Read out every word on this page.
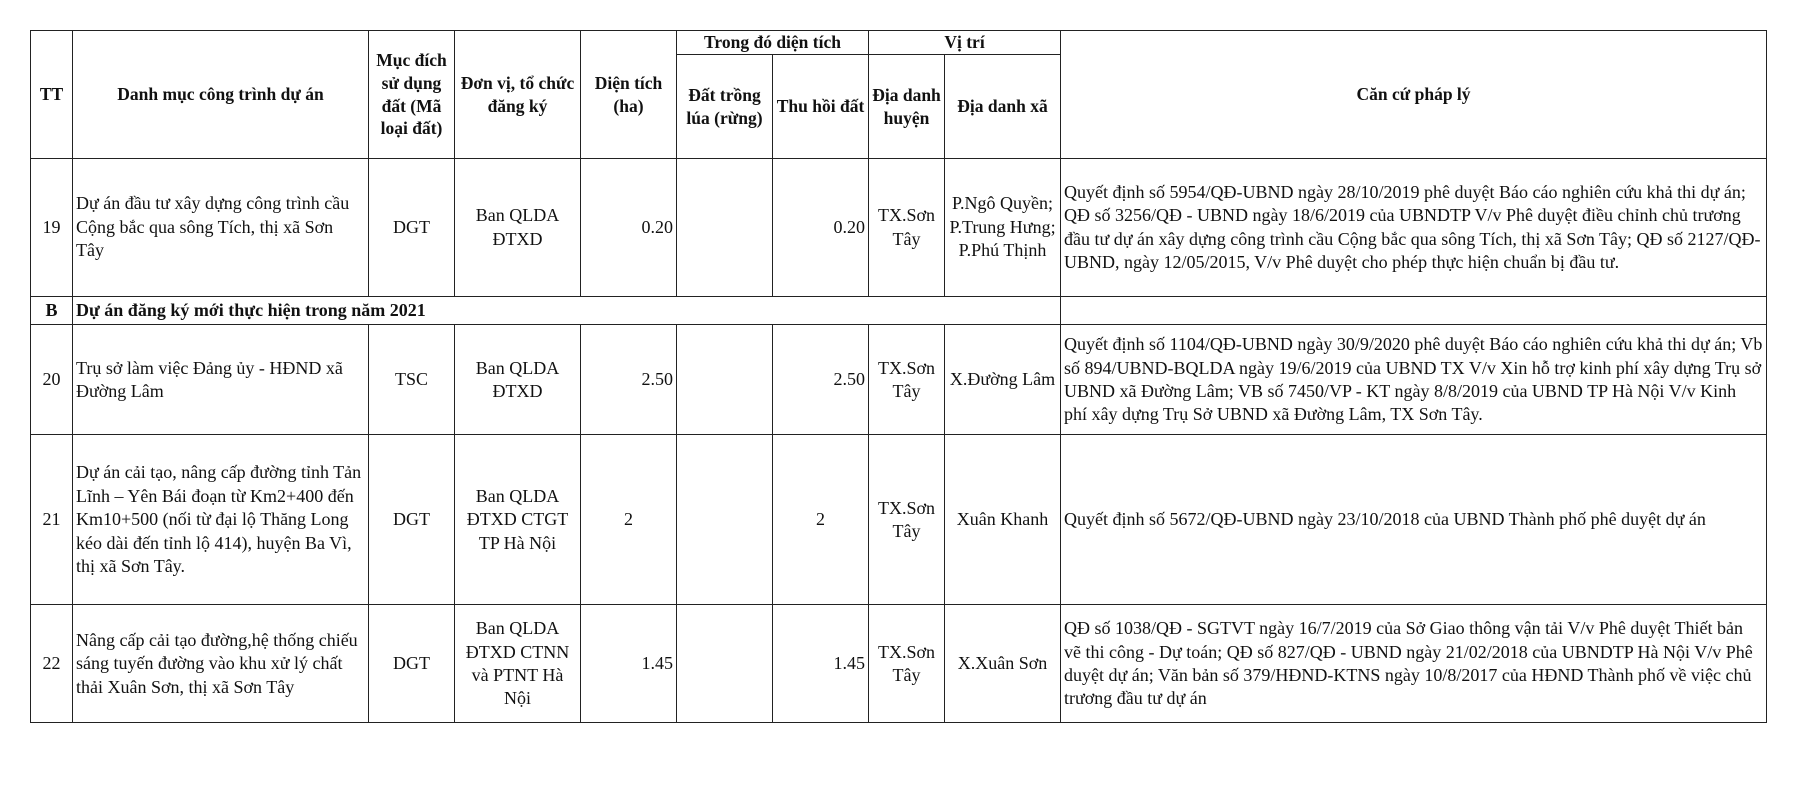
TT	Danh mục công trình dự án	Mục đích sử dụng đất (Mã loại đất)	Đơn vị, tổ chức đăng ký	Diện tích (ha)	Trong đó diện tích		Vị trí		Căn cứ pháp lý
					Đất trồng lúa (rừng)	Thu hồi đất	Địa danh huyện	Địa danh xã	
19	Dự án đầu tư xây dựng công trình cầu Cộng bắc qua sông Tích, thị xã Sơn Tây	DGT	Ban QLDA ĐTXD	0.20		0.20	TX.Sơn Tây	P.Ngô Quyền; P.Trung Hưng; P.Phú Thịnh	Quyết định số 5954/QĐ-UBND ngày 28/10/2019 phê duyệt Báo cáo nghiên cứu khả thi dự án; QĐ số 3256/QĐ - UBND ngày 18/6/2019 của UBNDTP V/v Phê duyệt điều chỉnh chủ trương đầu tư dự án xây dựng công trình cầu Cộng bắc qua sông Tích, thị xã Sơn Tây; QĐ số 2127/QĐ-UBND, ngày 12/05/2015, V/v Phê duyệt cho phép thực hiện chuẩn bị đầu tư.
B	Dự án đăng ký mới thực hiện trong năm 2021								
20	Trụ sở làm việc Đảng ủy - HĐND xã Đường Lâm	TSC	Ban QLDA ĐTXD	2.50		2.50	TX.Sơn Tây	X.Đường Lâm	Quyết định số 1104/QĐ-UBND ngày 30/9/2020 phê duyệt Báo cáo nghiên cứu khả thi dự án; Vb số 894/UBND-BQLDA ngày 19/6/2019 của UBND TX V/v Xin hỗ trợ kinh phí xây dựng Trụ sở UBND xã Đường Lâm; VB số 7450/VP - KT ngày 8/8/2019 của UBND TP Hà Nội V/v Kinh phí xây dựng Trụ Sở UBND xã Đường Lâm, TX Sơn Tây.
21	Dự án cải tạo, nâng cấp đường tỉnh Tản Lĩnh – Yên Bái đoạn từ Km2+400 đến Km10+500 (nối từ đại lộ Thăng Long kéo dài đến tỉnh lộ 414), huyện Ba Vì, thị xã Sơn Tây.	DGT	Ban QLDA ĐTXD CTGT TP Hà Nội	2		2	TX.Sơn Tây	Xuân Khanh	Quyết định số 5672/QĐ-UBND ngày 23/10/2018 của UBND Thành phố phê duyệt dự án
22	Nâng cấp cải tạo đường,hệ thống chiếu sáng tuyến đường vào khu xử lý chất thải Xuân Sơn, thị xã Sơn Tây	DGT	Ban QLDA ĐTXD CTNN và PTNT Hà Nội	1.45		1.45	TX.Sơn Tây	X.Xuân Sơn	QĐ số 1038/QĐ - SGTVT ngày 16/7/2019 của Sở Giao thông vận tải V/v Phê duyệt Thiết bản vẽ thi công - Dự toán; QĐ số 827/QĐ - UBND ngày 21/02/2018 của UBNDTP Hà Nội V/v Phê duyệt dự án; Văn bản số 379/HĐND-KTNS ngày 10/8/2017 của HĐND Thành phố về việc chủ trương đầu tư dự án
